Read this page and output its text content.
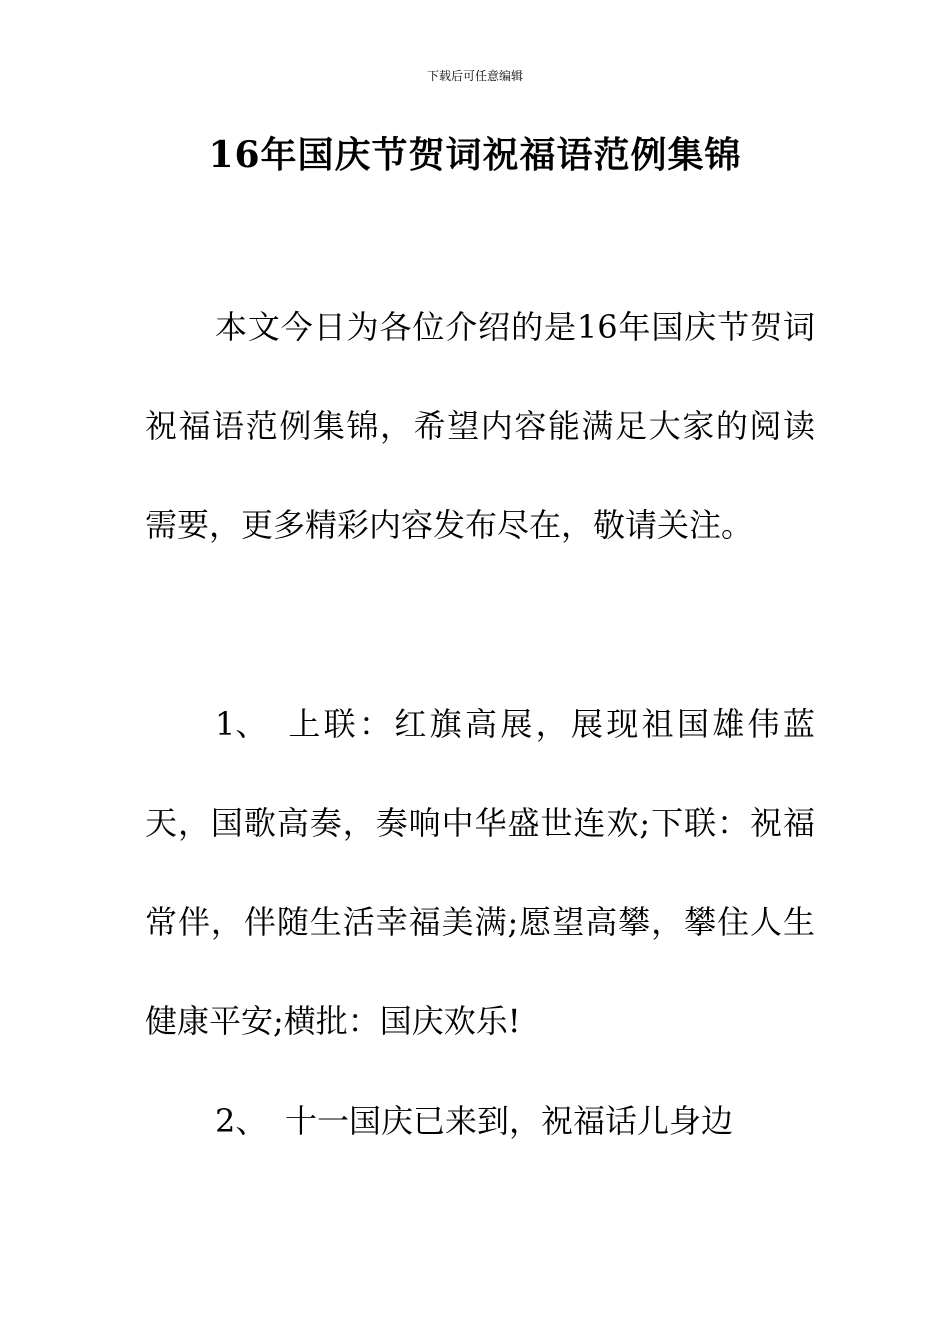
下载后可任意编辑
16年国庆节贺词祝福语范例集锦

本文今日为各位介绍的是16年国庆节贺词祝福语范例集锦，希望内容能满足大家的阅读需要，更多精彩内容发布尽在，敬请关注。

1、 上联：红旗高展，展现祖国雄伟蓝天，国歌高奏，奏响中华盛世连欢;下联：祝福常伴，伴随生活幸福美满;愿望高攀，攀住人生健康平安;横批：国庆欢乐!

2、 十一国庆已来到，祝福话儿身边
